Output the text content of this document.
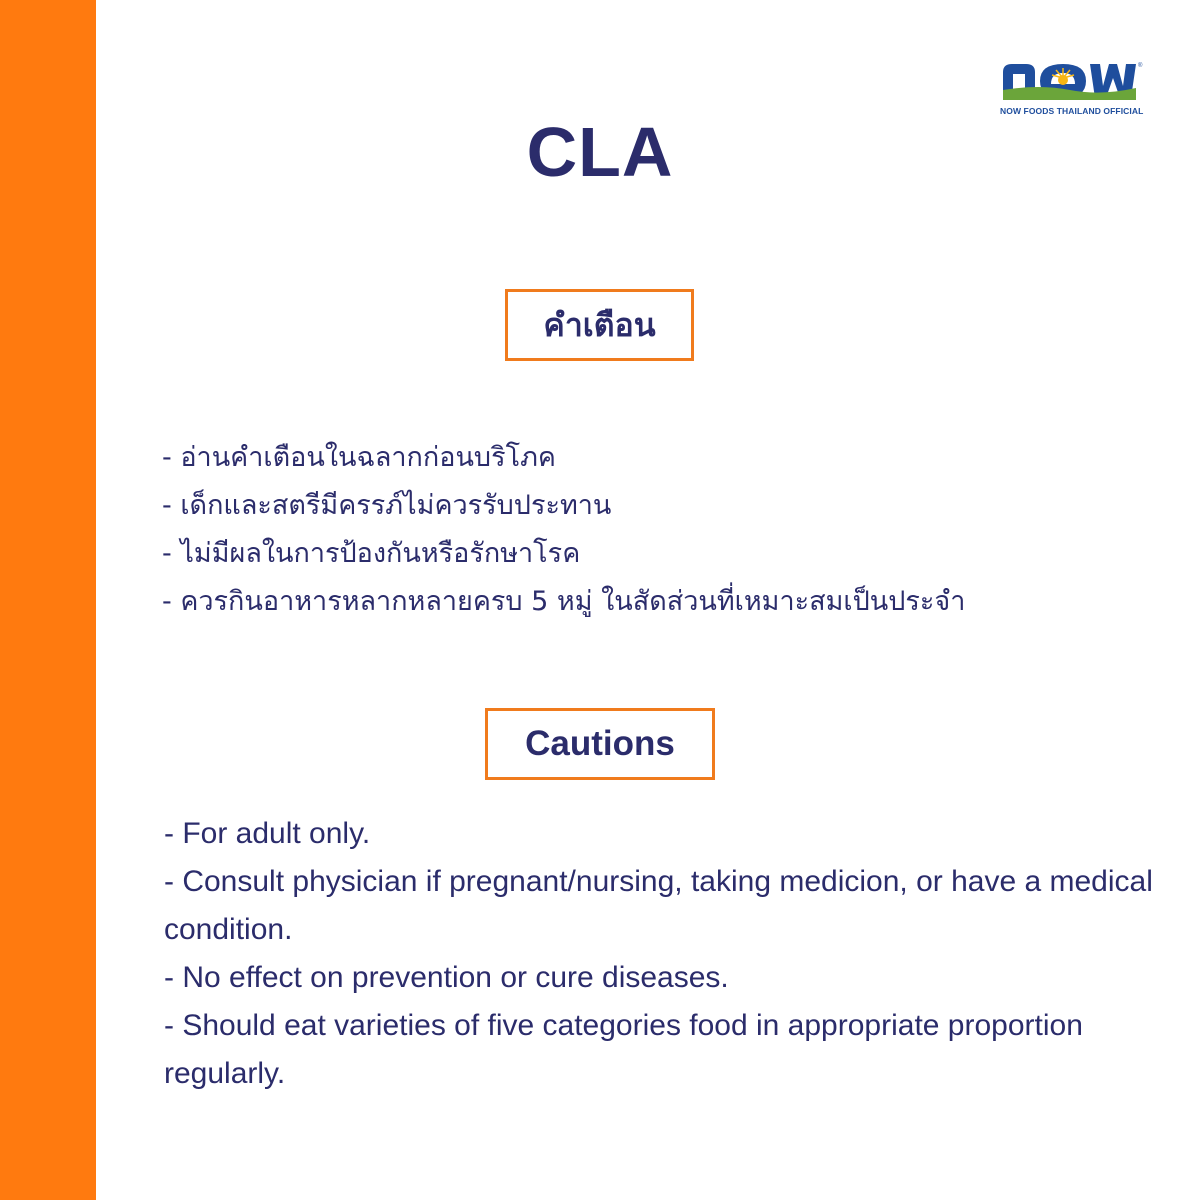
®
NOW FOODS THAILAND OFFICIAL
CLA
คำเตือน
- อ่านคำเตือนในฉลากก่อนบริโภค
- เด็กและสตรีมีครรภ์ไม่ควรรับประทาน
- ไม่มีผลในการป้องกันหรือรักษาโรค
- ควรกินอาหารหลากหลายครบ 5 หมู่ ในสัดส่วนที่เหมาะสมเป็นประจำ
Cautions
- For adult only.
- Consult physician if pregnant/nursing, taking medicion, or have a medical condition.
- No effect on prevention or cure diseases.
- Should eat varieties of five categories food in appropriate proportion regularly.
